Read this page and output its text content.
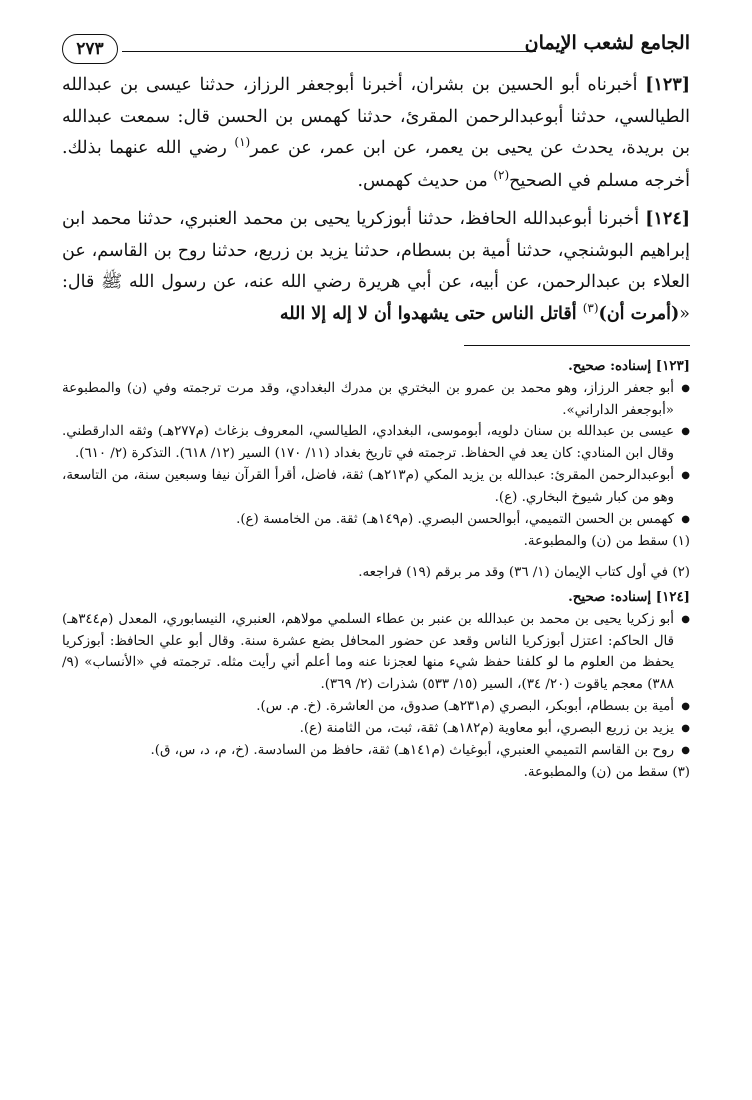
الجامع لشعب الإيمان
٢٧٣

[١٢٣] أخبرناه أبو الحسين بن بشران، أخبرنا أبوجعفر الرزاز، حدثنا عيسى بن عبدالله الطيالسي، حدثنا أبوعبدالرحمن المقرئ، حدثنا كهمس بن الحسن قال: سمعت عبدالله بن بريدة، يحدث عن يحيى بن يعمر، عن ابن عمر، عن عمر$^{(١)}$ رضي الله عنهما بذلك. أخرجه مسلم في الصحيح$^{(٢)}$ من حديث كهمس.

[١٢٤] أخبرنا أبوعبدالله الحافظ، حدثنا أبوزكريا يحيى بن محمد العنبري، حدثنا محمد ابن إبراهيم البوشنجي، حدثنا أمية بن بسطام، حدثنا يزيد بن زريع، حدثنا روح بن القاسم، عن العلاء بن عبدالرحمن، عن أبيه، عن أبي هريرة رضي الله عنه، عن رسول الله ﷺ قال: «(أمرت أن)$^{(٣)}$ أقاتل الناس حتى يشهدوا أن لا إله إلا الله

[١٢٣] إسناده: صحيح.

● أبو جعفر الرزاز، وهو محمد بن عمرو بن البختري بن مدرك البغدادي، وقد مرت ترجمته وفي (ن) والمطبوعة «أبوجعفر الداراني».
● عيسى بن عبدالله بن سنان دلويه، أبوموسى، البغدادي، الطيالسي، المعروف بزغاث (م٢٧٧هـ) وثقه الدارقطني. وقال ابن المنادي: كان يعد في الحفاظ. ترجمته في تاريخ بغداد (١١/ ١٧٠) السير (١٢/ ٦١٨). التذكرة (٢/ ٦١٠).
● أبوعبدالرحمن المقرئ: عبدالله بن يزيد المكي (م٢١٣هـ) ثقة، فاضل، أقرأ القرآن نيفا وسبعين سنة، من التاسعة، وهو من كبار شيوخ البخاري. (ع).
● كهمس بن الحسن التميمي، أبوالحسن البصري. (م١٤٩هـ) ثقة. من الخامسة (ع).

(١) سقط من (ن) والمطبوعة.

(٢) في أول كتاب الإيمان (١/ ٣٦) وقد مر برقم (١٩) فراجعه.

[١٢٤] إسناده: صحيح.

● أبو زكريا يحيى بن محمد بن عبدالله بن عنبر بن عطاء السلمي مولاهم، العنبري، النيسابوري، المعدل (م٣٤٤هـ) قال الحاكم: اعتزل أبوزكريا الناس وقعد عن حضور المحافل بضع عشرة سنة. وقال أبو علي الحافظ: أبوزكريا يحفظ من العلوم ما لو كلفنا حفظ شيء منها لعجزنا عنه وما أعلم أني رأيت مثله. ترجمته في «الأنساب» (٩/ ٣٨٨) معجم ياقوت (٢٠/ ٣٤)، السير (١٥/ ٥٣٣) شذرات (٢/ ٣٦٩).
● أمية بن بسطام، أبوبكر، البصري (م٢٣١هـ) صدوق، من العاشرة. (خ. م. س).
● يزيد بن زريع البصري، أبو معاوية (م١٨٢هـ) ثقة، ثبت، من الثامنة (ع).
● روح بن القاسم التميمي العنبري، أبوغياث (م١٤١هـ) ثقة، حافظ من السادسة. (خ، م، د، س، ق).

(٣) سقط من (ن) والمطبوعة.
